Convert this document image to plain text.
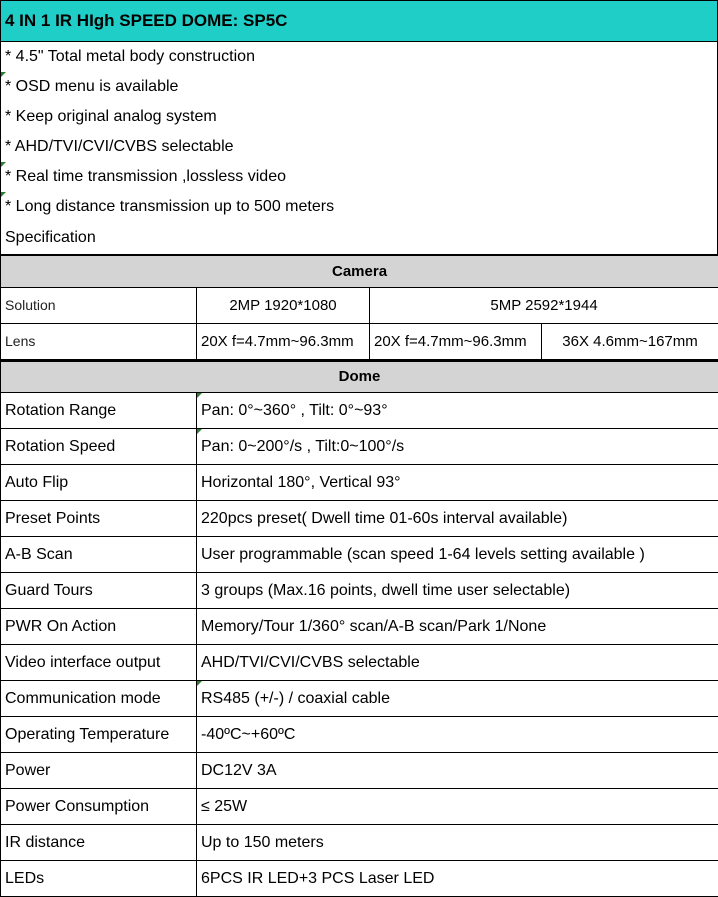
4 IN 1 IR HIgh SPEED DOME: SP5C
* 4.5" Total metal body construction
* OSD menu is available
* Keep original analog system
* AHD/TVI/CVI/CVBS selectable
* Real time transmission ,lossless video
* Long distance transmission up to 500 meters
Specification
Camera			
Solution	2MP 1920*1080	5MP 2592*1944	
Lens	20X f=4.7mm~96.3mm	20X f=4.7mm~96.3mm	36X 4.6mm~167mm
Dome	
Rotation Range	Pan: 0°~360° , Tilt: 0°~93°
Rotation Speed	Pan: 0~200°/s , Tilt:0~100°/s
Auto Flip	Horizontal 180°, Vertical 93°
Preset Points	220pcs preset( Dwell time 01-60s interval available)
A-B Scan	User programmable (scan speed 1-64 levels setting available )
Guard Tours	3 groups (Max.16 points, dwell time user selectable)
PWR On Action	Memory/Tour 1/360° scan/A-B scan/Park 1/None
Video interface output	AHD/TVI/CVI/CVBS selectable
Communication mode	RS485 (+/-) / coaxial cable
Operating Temperature	-40ºC~+60ºC
Power	DC12V 3A
Power Consumption	≤ 25W
IR distance	Up to 150 meters
LEDs	6PCS IR LED+3 PCS Laser LED
